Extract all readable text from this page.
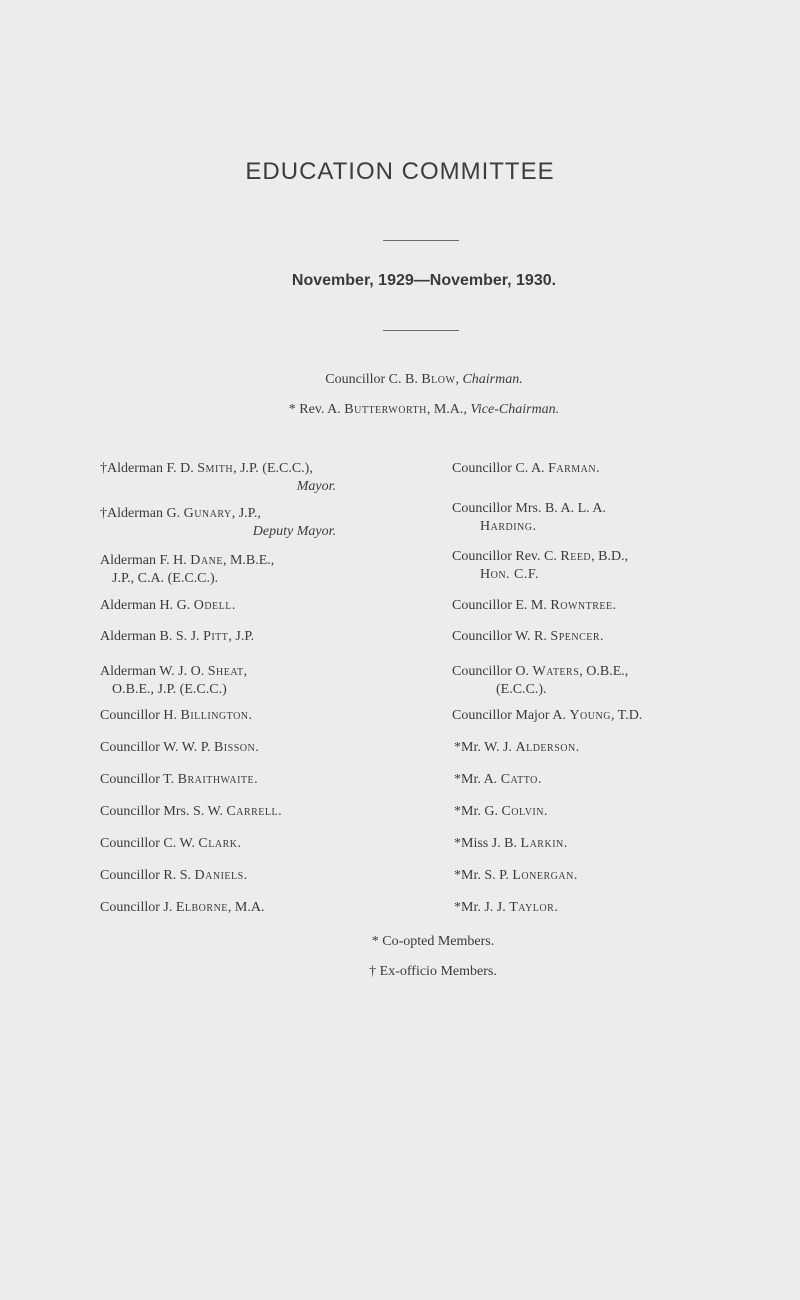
EDUCATION COMMITTEE
November, 1929—November, 1930.
Councillor C. B. Blow, Chairman.
* Rev. A. Butterworth, M.A., Vice-Chairman.
†Alderman F. D. Smith, J.P. (E.C.C.),
Mayor.
†Alderman G. Gunary, J.P.,
Deputy Mayor.
Alderman F. H. Dane, M.B.E.,
J.P., C.A. (E.C.C.).
Alderman H. G. Odell.
Alderman B. S. J. Pitt, J.P.
Alderman W. J. O. Sheat,
O.B.E., J.P. (E.C.C.)
Councillor H. Billington.
Councillor W. W. P. Bisson.
Councillor T. Braithwaite.
Councillor Mrs. S. W. Carrell.
Councillor C. W. Clark.
Councillor R. S. Daniels.
Councillor J. Elborne, M.A.
Councillor C. A. Farman.
Councillor Mrs. B. A. L. A.
Harding.
Councillor Rev. C. Reed, B.D.,
Hon. C.F.
Councillor E. M. Rowntree.
Councillor W. R. Spencer.
Councillor O. Waters, O.B.E.,
(E.C.C.).
Councillor Major A. Young, T.D.
*Mr. W. J. Alderson.
*Mr. A. Catto.
*Mr. G. Colvin.
*Miss J. B. Larkin.
*Mr. S. P. Lonergan.
*Mr. J. J. Taylor.
* Co-opted Members.
† Ex-officio Members.
